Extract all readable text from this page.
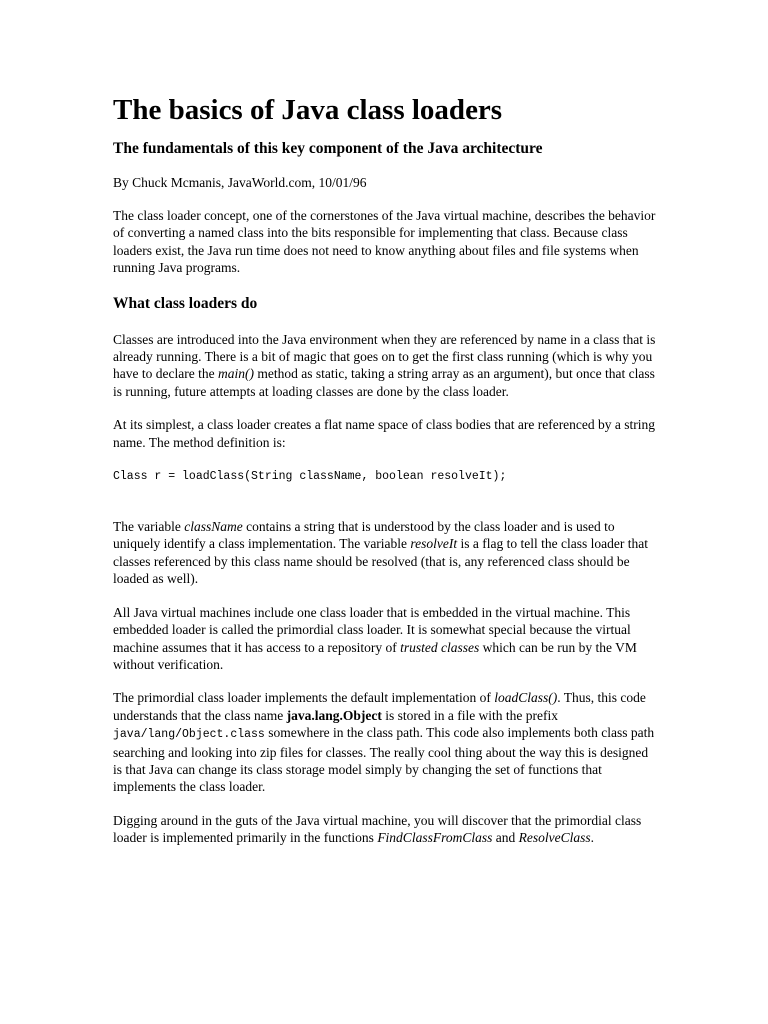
The basics of Java class loaders
The fundamentals of this key component of the Java architecture
By Chuck Mcmanis, JavaWorld.com, 10/01/96

The class loader concept, one of the cornerstones of the Java virtual machine, describes the behavior of converting a named class into the bits responsible for implementing that class. Because class loaders exist, the Java run time does not need to know anything about files and file systems when running Java programs.

What class loaders do

Classes are introduced into the Java environment when they are referenced by name in a class that is already running. There is a bit of magic that goes on to get the first class running (which is why you have to declare the main() method as static, taking a string array as an argument), but once that class is running, future attempts at loading classes are done by the class loader.

At its simplest, a class loader creates a flat name space of class bodies that are referenced by a string name. The method definition is:

Class r = loadClass(String className, boolean resolveIt);

The variable className contains a string that is understood by the class loader and is used to uniquely identify a class implementation. The variable resolveIt is a flag to tell the class loader that classes referenced by this class name should be resolved (that is, any referenced class should be loaded as well).

All Java virtual machines include one class loader that is embedded in the virtual machine. This embedded loader is called the primordial class loader. It is somewhat special because the virtual machine assumes that it has access to a repository of trusted classes which can be run by the VM without verification.

The primordial class loader implements the default implementation of loadClass(). Thus, this code understands that the class name java.lang.Object is stored in a file with the prefix java/lang/Object.class somewhere in the class path. This code also implements both class path searching and looking into zip files for classes. The really cool thing about the way this is designed is that Java can change its class storage model simply by changing the set of functions that implements the class loader.

Digging around in the guts of the Java virtual machine, you will discover that the primordial class loader is implemented primarily in the functions FindClassFromClass and ResolveClass.
